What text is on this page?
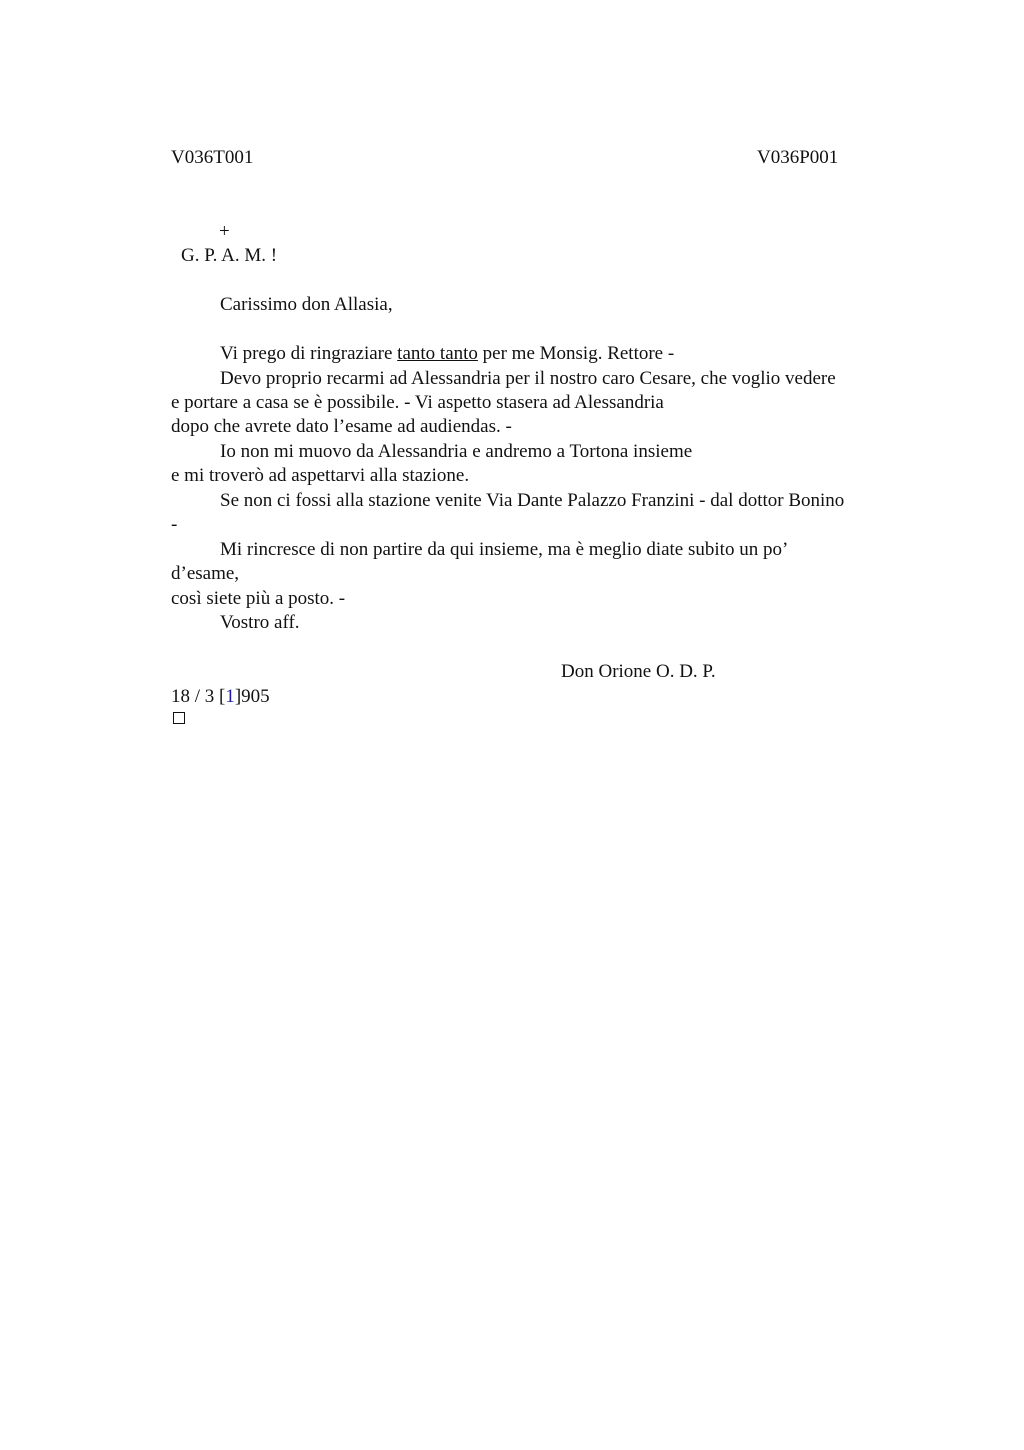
V036T001	V036P001
+
G. P. A. M. !
Carissimo don Allasia,
Vi prego di ringraziare tanto tanto per me Monsig. Rettore -
Devo proprio recarmi ad Alessandria per il nostro caro Cesare, che voglio vedere
e portare a casa se è possibile. - Vi aspetto stasera ad Alessandria
dopo che avrete dato l’esame ad audiendas. -
Io non mi muovo da Alessandria e andremo a Tortona insieme
e mi troverò ad aspettarvi alla stazione.
Se non ci fossi alla stazione venite Via Dante Palazzo Franzini - dal dottor Bonino
-
Mi rincresce di non partire da qui insieme, ma è meglio diate subito un po’
d’esame,
così siete più a posto. -
Vostro aff.
Don Orione O. D. P.
18 / 3 [1]905
